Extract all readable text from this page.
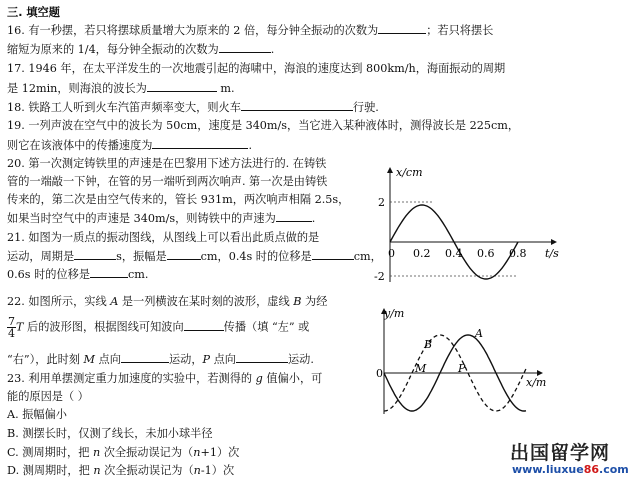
三. 填空题
16. 有一秒摆，若只将摆球质量增大为原来的 2 倍，每分钟全振动的次数为	；若只将摆长
缩短为原来的 1/4，每分钟全振动的次数为	.
17. 1946 年，在太平洋发生的一次地震引起的海啸中，海浪的速度达到 800km/h，海面振动的周期
是 12min，则海浪的波长为	m.
18. 铁路工人听到火车汽笛声频率变大，则火车	行驶.
19. 一列声波在空气中的波长为 50cm，速度是 340m/s，当它进入某种液体时，测得波长是 225cm，
则它在该液体中的传播速度为	.
20. 第一次测定铸铁里的声速是在巴黎用下述方法进行的. 在铸铁
管的一端敲一下钟，在管的另一端听到两次响声. 第一次是由铸铁
传来的，第二次是由空气传来的，管长 931m，两次响声相隔 2.5s，
如果当时空气中的声速是 340m/s，则铸铁中的声速为	.
21. 如图为一质点的振动图线，从图线上可以看出此质点做的是
运动，周期是	s，振幅是	cm，0.4s 时的位移是	cm，
0.6s 时的位移是	cm.
22. 如图所示，实线 A 是一列横波在某时刻的波形，虚线 B 为经
$\frac{7}{4}$ T 后的波形图，根据图线可知波向	传播（填 “左” 或
“右”），此时刻 M 点向	运动，P 点向	运动.
23. 利用单摆测定重力加速度的实验中，若测得的 g 值偏小，可
能的原因是（ ）
A. 振幅偏小
B. 测摆长时，仅测了线长，未加小球半径
C. 测周期时，把 n 次全振动误记为（n+1）次
D. 测周期时，把 n 次全振动误记为（n-1）次
x/cm
t/s
2
-2
0 0.2 0.4 0.6 0.8
y/m
x/m
0
A
B
M	P
出国留学网
www.liuxue86.com
